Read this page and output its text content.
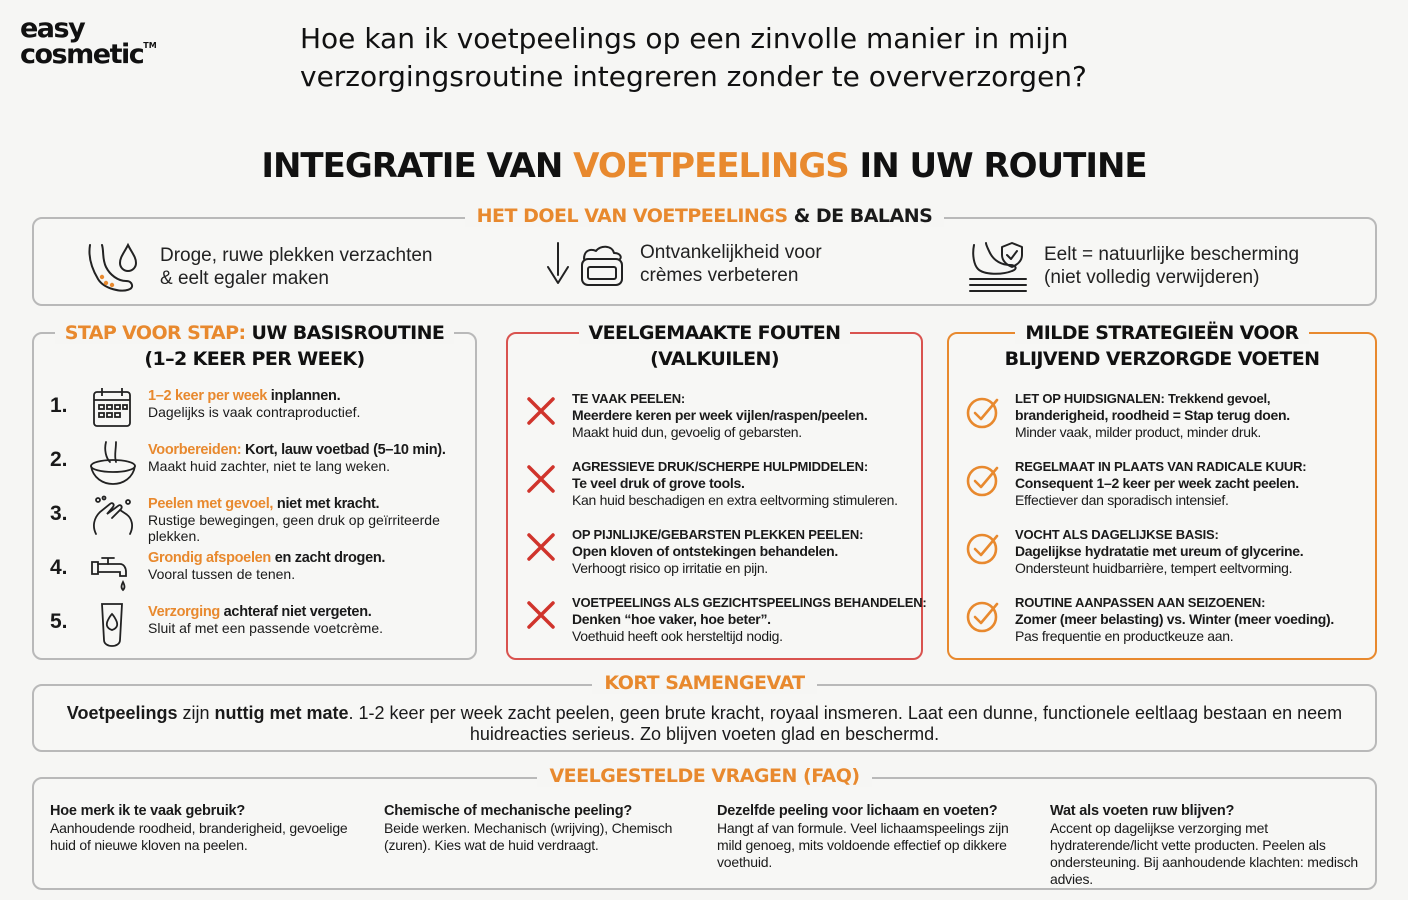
easy
cosmetic™	Hoe kan ik voetpeelings op een zinvolle manier in mijn verzorgingsroutine integreren zonder te oververzorgen?
INTEGRATIE VAN VOETPEELINGS IN UW ROUTINE
HET DOEL VAN VOETPEELINGS & DE BALANS
Droge, ruwe plekken verzachten
& eelt egaler maken
Ontvankelijkheid voor
crèmes verbeteren
Eelt = natuurlijke bescherming
(niet volledig verwijderen)
STAP VOOR STAP: UW BASISROUTINE
(1–2 KEER PER WEEK)
1.	1–2 keer per week inplannen.
Dagelijks is vaak contraproductief.
2.	Voorbereiden: Kort, lauw voetbad (5–10 min).
Maakt huid zachter, niet te lang weken.
3.	Peelen met gevoel, niet met kracht.
Rustige bewegingen, geen druk op geïrriteerde plekken.
4.	Grondig afspoelen en zacht drogen.
Vooral tussen de tenen.
5.	Verzorging achteraf niet vergeten.
Sluit af met een passende voetcrème.
VEELGEMAAKTE FOUTEN
(VALKUILEN)
TE VAAK PEELEN:
Meerdere keren per week vijlen/raspen/peelen.
Maakt huid dun, gevoelig of gebarsten.
AGRESSIEVE DRUK/SCHERPE HULPMIDDELEN:
Te veel druk of grove tools.
Kan huid beschadigen en extra eeltvorming stimuleren.
OP PIJNLIJKE/GEBARSTEN PLEKKEN PEELEN:
Open kloven of ontstekingen behandelen.
Verhoogt risico op irritatie en pijn.
VOETPEELINGS ALS GEZICHTSPEELINGS BEHANDELEN:
Denken “hoe vaker, hoe beter”.
Voethuid heeft ook hersteltijd nodig.
MILDE STRATEGIEËN VOOR
BLIJVEND VERZORGDE VOETEN
LET OP HUIDSIGNALEN: Trekkend gevoel,
branderigheid, roodheid = Stap terug doen.
Minder vaak, milder product, minder druk.
REGELMAAT IN PLAATS VAN RADICALE KUUR:
Consequent 1–2 keer per week zacht peelen.
Effectiever dan sporadisch intensief.
VOCHT ALS DAGELIJKSE BASIS:
Dagelijkse hydratatie met ureum of glycerine.
Ondersteunt huidbarrière, tempert eeltvorming.
ROUTINE AANPASSEN AAN SEIZOENEN:
Zomer (meer belasting) vs. Winter (meer voeding).
Pas frequentie en productkeuze aan.
KORT SAMENGEVAT
Voetpeelings zijn nuttig met mate. 1-2 keer per week zacht peelen, geen brute kracht, royaal insmeren. Laat een dunne, functionele eeltlaag bestaan en neem huidreacties serieus. Zo blijven voeten glad en beschermd.
VEELGESTELDE VRAGEN (FAQ)
Hoe merk ik te vaak gebruik?
Aanhoudende roodheid, branderigheid, gevoelige huid of nieuwe kloven na peelen.
Chemische of mechanische peeling?
Beide werken. Mechanisch (wrijving), Chemisch (zuren). Kies wat de huid verdraagt.
Dezelfde peeling voor lichaam en voeten?
Hangt af van formule. Veel lichaamspeelings zijn mild genoeg, mits voldoende effectief op dikkere voethuid.
Wat als voeten ruw blijven?
Accent op dagelijkse verzorging met hydraterende/licht vette producten. Peelen als ondersteuning. Bij aanhoudende klachten: medisch advies.
